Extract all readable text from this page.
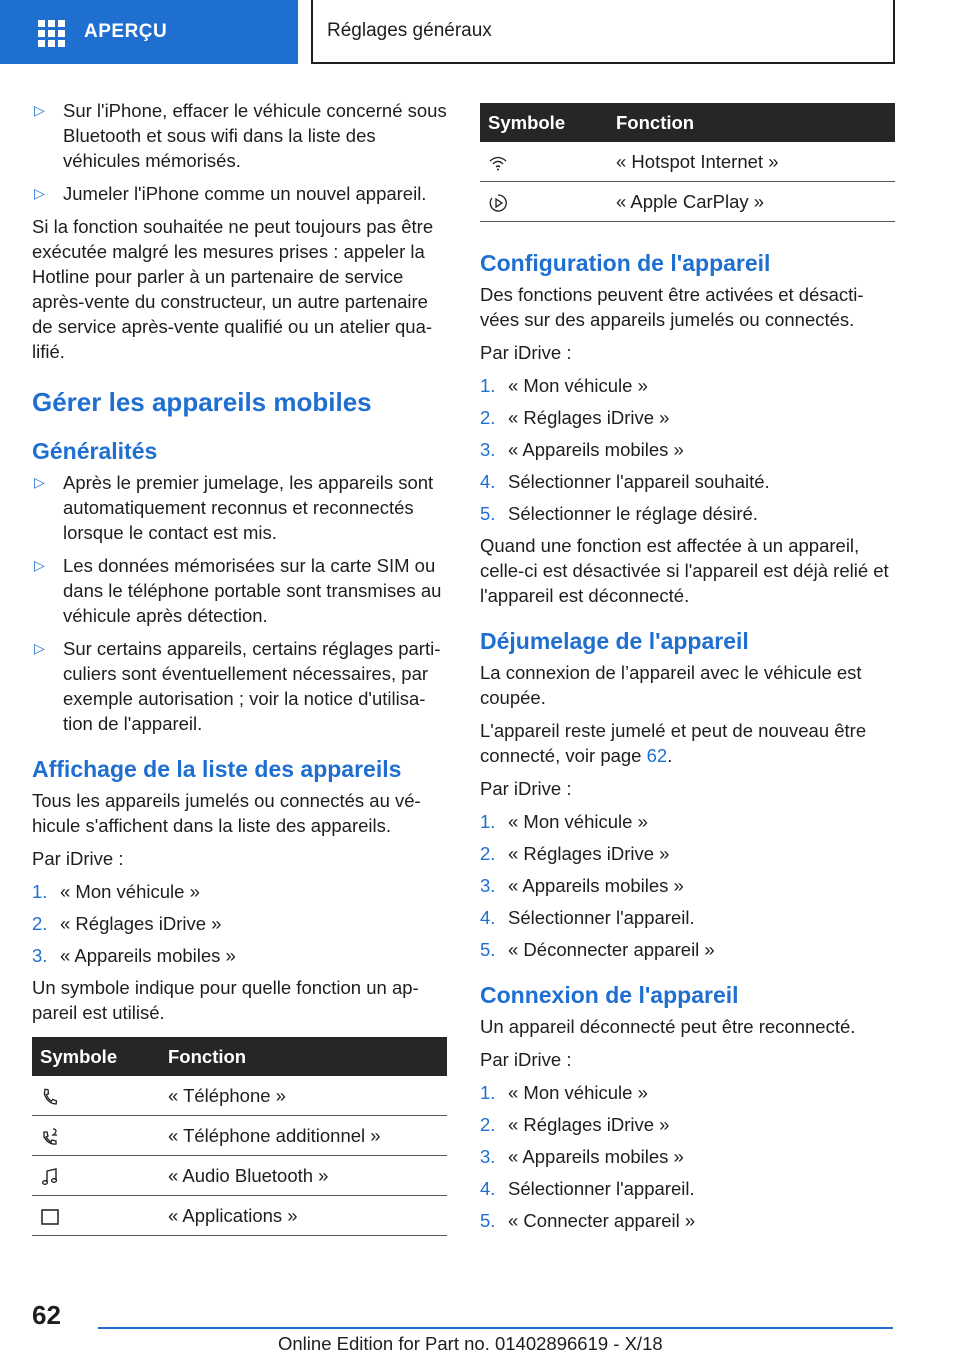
APERÇU	Réglages généraux
▷ Sur l'iPhone, effacer le véhicule concerné sous Bluetooth et sous wifi dans la liste des véhicules mémorisés.
▷ Jumeler l'iPhone comme un nouvel appareil.

Si la fonction souhaitée ne peut toujours pas être exécutée malgré les mesures prises : appeler la Hotline pour parler à un partenaire de service après-vente du constructeur, un autre partenaire de service après-vente qualifié ou un atelier qua-lifié.

Gérer les appareils mobiles
Généralités
▷ Après le premier jumelage, les appareils sont automatiquement reconnus et reconnectés lorsque le contact est mis.
▷ Les données mémorisées sur la carte SIM ou dans le téléphone portable sont transmises au véhicule après détection.
▷ Sur certains appareils, certains réglages parti-culiers sont éventuellement nécessaires, par exemple autorisation ; voir la notice d'utilisa-tion de l'appareil.
Affichage de la liste des appareils

Tous les appareils jumelés ou connectés au vé-hicule s'affichent dans la liste des appareils.

Par iDrive :

1. « Mon véhicule »
2. « Réglages iDrive »
3. « Appareils mobiles »

Un symbole indique pour quelle fonction un ap-pareil est utilisé.

Symbole	Fonction
	« Téléphone »
	« Téléphone additionnel »
	« Audio Bluetooth »
	« Applications »
Symbole	Fonction
	« Hotspot Internet »
	« Apple CarPlay »
Configuration de l'appareil

Des fonctions peuvent être activées et désacti-vées sur des appareils jumelés ou connectés.

Par iDrive :

1. « Mon véhicule »
2. « Réglages iDrive »
3. « Appareils mobiles »
4. Sélectionner l'appareil souhaité.
5. Sélectionner le réglage désiré.

Quand une fonction est affectée à un appareil, celle-ci est désactivée si l'appareil est déjà relié et l'appareil est déconnecté.

Déjumelage de l'appareil

La connexion de l’appareil avec le véhicule est coupée.

L'appareil reste jumelé et peut de nouveau être connecté, voir page 62.

Par iDrive :

1. « Mon véhicule »
2. « Réglages iDrive »
3. « Appareils mobiles »
4. Sélectionner l'appareil.
5. « Déconnecter appareil »
Connexion de l'appareil

Un appareil déconnecté peut être reconnecté.

Par iDrive :

1. « Mon véhicule »
2. « Réglages iDrive »
3. « Appareils mobiles »
4. Sélectionner l'appareil.
5. « Connecter appareil »
62
Online Edition for Part no. 01402896619 - X/18
